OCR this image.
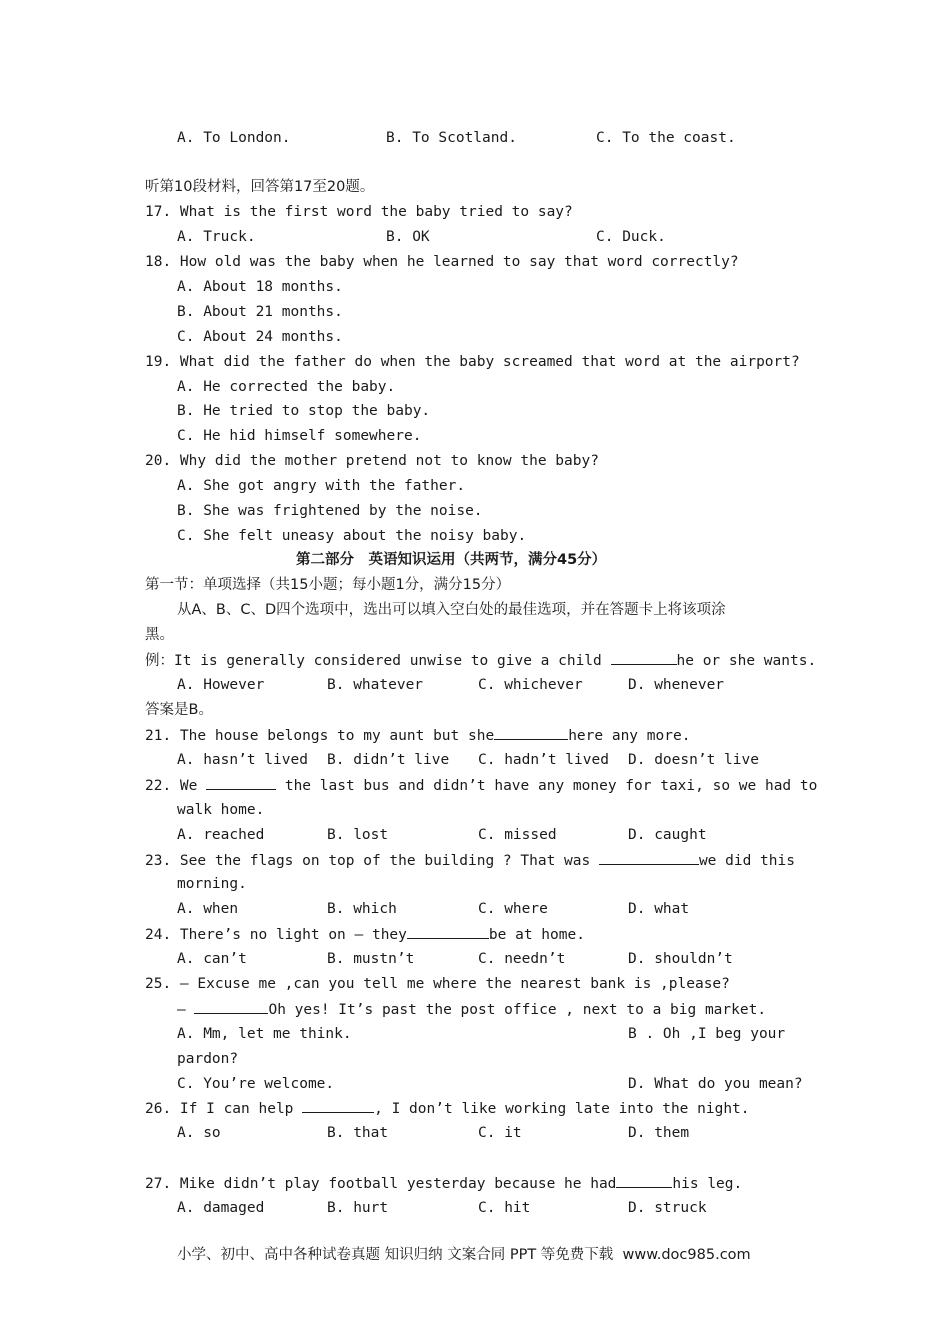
A. To London.	B. To Scotland.	C. To the coast.
听第10段材料，回答第17至20题。
17. What is the first word the baby tried to say?
A. Truck.	B. OK	C. Duck.
18. How old was the baby when he learned to say that word correctly?
A. About 18 months.
B. About 21 months.
C. About 24 months.
19. What did the father do when the baby screamed that word at the airport?
A. He corrected the baby.
B. He tried to stop the baby.
C. He hid himself somewhere.
20. Why did the mother pretend not to know the baby?
A. She got angry with the father.
B. She was frightened by the noise.
C. She felt uneasy about the noisy baby.
第二部分　英语知识运用（共两节，满分45分）
第一节：单项选择（共15小题；每小题1分，满分15分）
从A、B、C、D四个选项中，选出可以填入空白处的最佳选项，并在答题卡上将该项涂
黑。
例：It is generally considered unwise to give a child	he or she wants.
A. However	B. whatever	C. whichever	D. whenever
答案是B。
21. The house belongs to my aunt but she	here any more.
A. hasn’t lived B. didn’t live C. hadn’t lived D. doesn’t live
22. We	the last bus and didn’t have any money for taxi, so we had to
walk home.
A. reached	B. lost	C. missed	D. caught
23. See the flags on top of the building ? That was	we did this
morning.
A. when	B. which	C. where	D. what
24. There’s no light on — they	be at home.
A. can’t	B. mustn’t	C. needn’t	D. shouldn’t
25. — Excuse me ,can you tell me where the nearest bank is ,please?
—	Oh yes! It’s past the post office , next to a big market.
A. Mm, let me think.	B . Oh ,I beg your
pardon?
C. You’re welcome.	D. What do you mean?
26. If I can help	, I don’t like working late into the night.
A. so	B. that	C. it	D. them
27. Mike didn’t play football yesterday because he had	his leg.
A. damaged	B. hurt	C. hit	D. struck
小学、初中、高中各种试卷真题 知识归纳 文案合同 PPT 等免费下载 www.doc985.com
